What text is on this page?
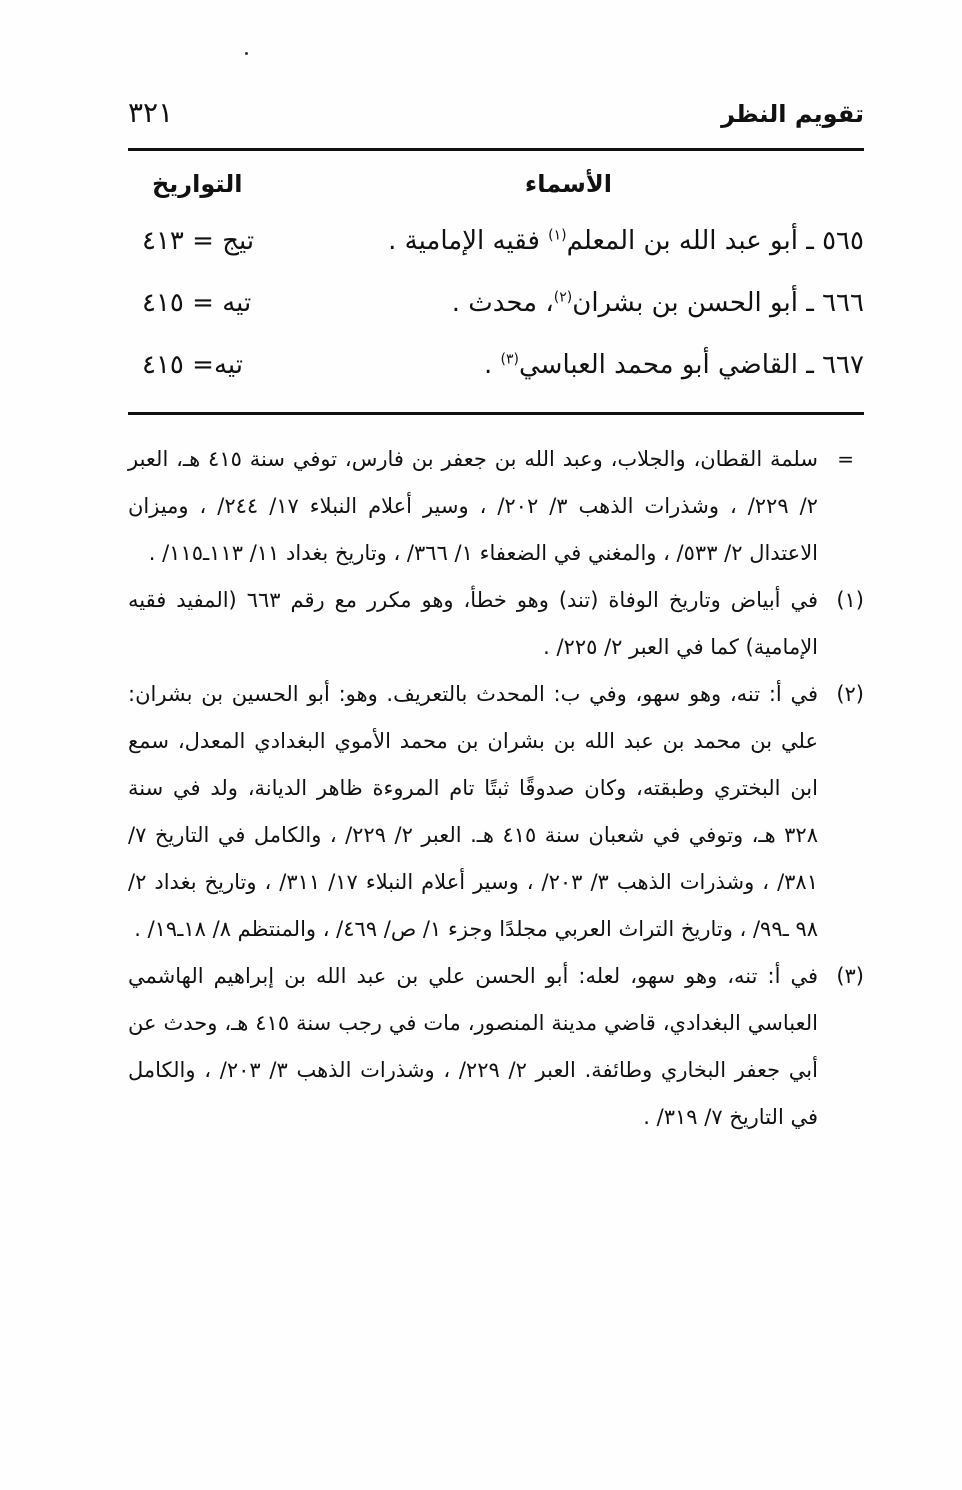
تقويم النظر
٣٢١
الأسماء
التواريخ
٥٦٥ ـ أبو عبد الله بن المعلم$^{(١)}$ فقيه الإمامية .
تيج = ٤١٣
٦٦٦ ـ أبو الحسن بن بشران$^{(٢)}$، محدث .
تيه = ٤١٥
٦٦٧ ـ القاضي أبو محمد العباسي$^{(٣)}$ .
تيه= ٤١٥
=
سلمة القطان، والجلاب، وعبد الله بن جعفر بن فارس، توفي سنة ٤١٥ هـ، العبر ٢/ ٢٢٩/ ، وشذرات الذهب ٣/ ٢٠٢/ ، وسير أعلام النبلاء ١٧/ ٢٤٤/ ، وميزان الاعتدال ٢/ ٥٣٣/ ، والمغني في الضعفاء ١/ ٣٦٦/ ، وتاريخ بغداد ١١/ ١١٣ـ١١٥/ .
(١)
في أبياض وتاريخ الوفاة (تند) وهو خطأ، وهو مكرر مع رقم ٦٦٣ (المفيد فقيه الإمامية) كما في العبر ٢/ ٢٢٥/ .
(٢)
في أ: تنه، وهو سهو، وفي ب: المحدث بالتعريف. وهو: أبو الحسين بن بشران: علي بن محمد بن عبد الله بن بشران بن محمد الأموي البغدادي المعدل، سمع ابن البختري وطبقته، وكان صدوقًا ثبتًا تام المروءة ظاهر الديانة، ولد في سنة ٣٢٨ هـ، وتوفي في شعبان سنة ٤١٥ هـ. العبر ٢/ ٢٢٩/ ، والكامل في التاريخ ٧/ ٣٨١/ ، وشذرات الذهب ٣/ ٢٠٣/ ، وسير أعلام النبلاء ١٧/ ٣١١/ ، وتاريخ بغداد ٢/ ٩٨ ـ٩٩/ ، وتاريخ التراث العربي مجلدًا وجزء ١/ ص/ ٤٦٩/ ، والمنتظم ٨/ ١٨ـ١٩/ .
(٣)
في أ: تنه، وهو سهو، لعله: أبو الحسن علي بن عبد الله بن إبراهيم الهاشمي العباسي البغدادي، قاضي مدينة المنصور، مات في رجب سنة ٤١٥ هـ، وحدث عن أبي جعفر البخاري وطائفة. العبر ٢/ ٢٢٩/ ، وشذرات الذهب ٣/ ٢٠٣/ ، والكامل في التاريخ ٧/ ٣١٩/ .
